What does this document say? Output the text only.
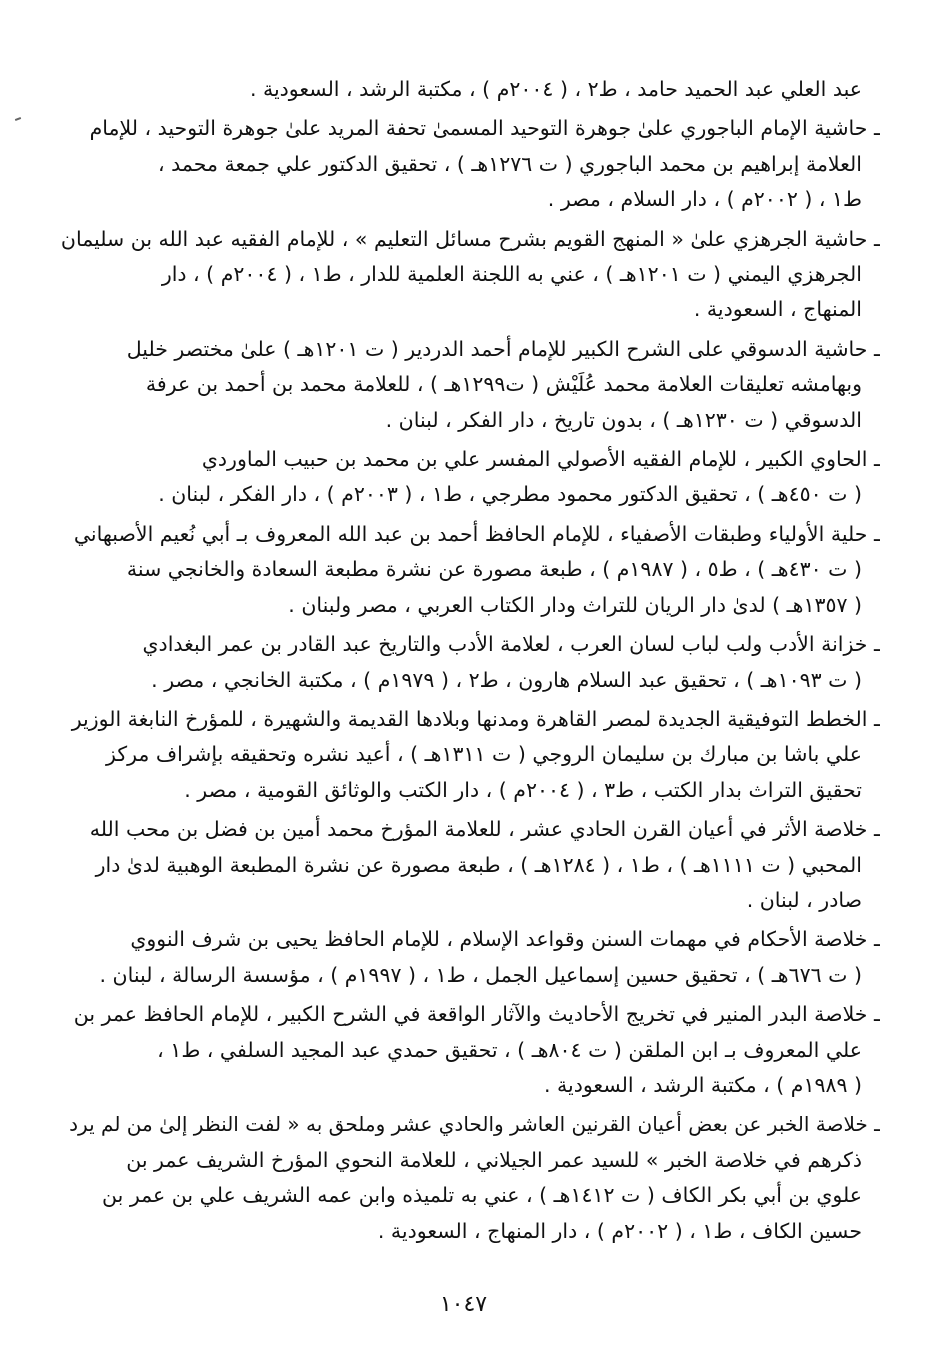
عبد العلي عبد الحميد حامد ، ط٢ ، ( ٢٠٠٤م ) ، مكتبة الرشد ، السعودية .

ـ حاشية الإمام الباجوري علىٰ جوهرة التوحيد المسمىٰ تحفة المريد علىٰ جوهرة التوحيد ، للإمام
العلامة إبراهيم بن محمد الباجوري ( ت ١٢٧٦هـ ) ، تحقيق الدكتور علي جمعة محمد ،
ط١ ، ( ٢٠٠٢م ) ، دار السلام ، مصر .

ـ حاشية الجرهزي علىٰ « المنهج القويم بشرح مسائل التعليم » ، للإمام الفقيه عبد الله بن سليمان
الجرهزي اليمني ( ت ١٢٠١هـ ) ، عني به اللجنة العلمية للدار ، ط١ ، ( ٢٠٠٤م ) ، دار
المنهاج ، السعودية .

ـ حاشية الدسوقي على الشرح الكبير للإمام أحمد الدردير ( ت ١٢٠١هـ ) علىٰ مختصر خليل
وبهامشه تعليقات العلامة محمد عُلَيْش ( ت١٢٩٩هـ ) ، للعلامة محمد بن أحمد بن عرفة
الدسوقي ( ت ١٢٣٠هـ ) ، بدون تاريخ ، دار الفكر ، لبنان .

ـ الحاوي الكبير ، للإمام الفقيه الأصولي المفسر علي بن محمد بن حبيب الماوردي
( ت ٤٥٠هـ ) ، تحقيق الدكتور محمود مطرجي ، ط١ ، ( ٢٠٠٣م ) ، دار الفكر ، لبنان .

ـ حلية الأولياء وطبقات الأصفياء ، للإمام الحافظ أحمد بن عبد الله المعروف بـ أبي نُعيم الأصبهاني
( ت ٤٣٠هـ ) ، ط٥ ، ( ١٩٨٧م ) ، طبعة مصورة عن نشرة مطبعة السعادة والخانجي سنة
( ١٣٥٧هـ ) لدىٰ دار الريان للتراث ودار الكتاب العربي ، مصر ولبنان .

ـ خزانة الأدب ولب لباب لسان العرب ، لعلامة الأدب والتاريخ عبد القادر بن عمر البغدادي
( ت ١٠٩٣هـ ) ، تحقيق عبد السلام هارون ، ط٢ ، ( ١٩٧٩م ) ، مكتبة الخانجي ، مصر .

ـ الخطط التوفيقية الجديدة لمصر القاهرة ومدنها وبلادها القديمة والشهيرة ، للمؤرخ النابغة الوزير
علي باشا بن مبارك بن سليمان الروجي ( ت ١٣١١هـ ) ، أعيد نشره وتحقيقه بإشراف مركز
تحقيق التراث بدار الكتب ، ط٣ ، ( ٢٠٠٤م ) ، دار الكتب والوثائق القومية ، مصر .

ـ خلاصة الأثر في أعيان القرن الحادي عشر ، للعلامة المؤرخ محمد أمين بن فضل بن محب الله
المحبي ( ت ١١١١هـ ) ، ط١ ، ( ١٢٨٤هـ ) ، طبعة مصورة عن نشرة المطبعة الوهبية لدىٰ دار
صادر ، لبنان .

ـ خلاصة الأحكام في مهمات السنن وقواعد الإسلام ، للإمام الحافظ يحيى بن شرف النووي
( ت ٦٧٦هـ ) ، تحقيق حسين إسماعيل الجمل ، ط١ ، ( ١٩٩٧م ) ، مؤسسة الرسالة ، لبنان .

ـ خلاصة البدر المنير في تخريج الأحاديث والآثار الواقعة في الشرح الكبير ، للإمام الحافظ عمر بن
علي المعروف بـ ابن الملقن ( ت ٨٠٤هـ ) ، تحقيق حمدي عبد المجيد السلفي ، ط١ ،
( ١٩٨٩م ) ، مكتبة الرشد ، السعودية .

ـ خلاصة الخبر عن بعض أعيان القرنين العاشر والحادي عشر وملحق به « لفت النظر إلىٰ من لم يرد
ذكرهم في خلاصة الخبر » للسيد عمر الجيلاني ، للعلامة النحوي المؤرخ الشريف عمر بن
علوي بن أبي بكر الكاف ( ت ١٤١٢هـ ) ، عني به تلميذه وابن عمه الشريف علي بن عمر بن
حسين الكاف ، ط١ ، ( ٢٠٠٢م ) ، دار المنهاج ، السعودية .

١٠٤٧
